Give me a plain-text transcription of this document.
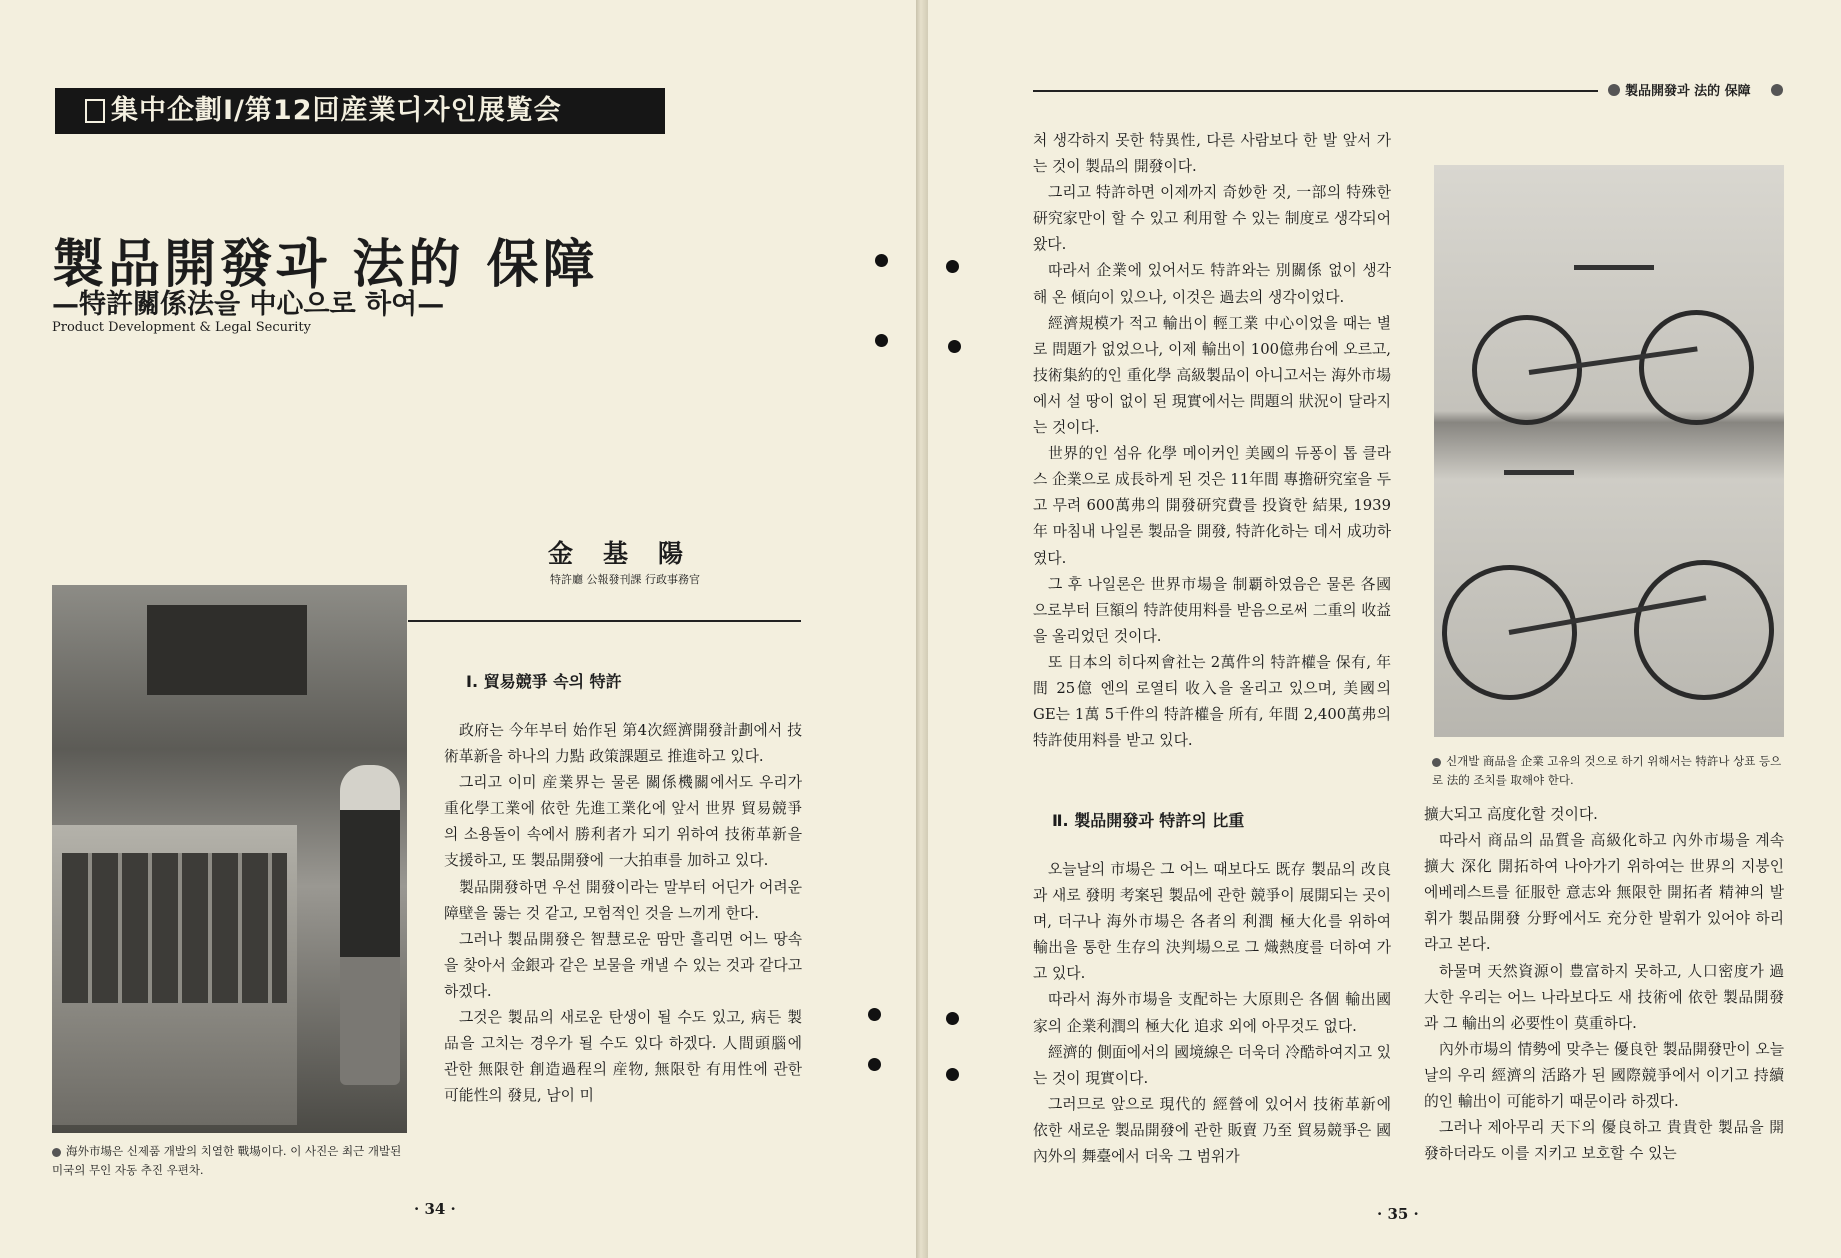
集中企劃Ⅰ/第12回産業디자인展覧会
製品開發과 法的 保障
—特許關係法을 中心으로 하여—
Product Development & Legal Security
金基陽
特許廳 公報發刊課 行政事務官
海外市場은 신제품 개발의 치열한 戰場이다. 이 사진은 최근 개발된 미국의 무인 자동 추진 우편차.
Ⅰ. 貿易競爭 속의 特許

政府는 今年부터 始作된 第4次經濟開發計劃에서 技術革新을 하나의 力點 政策課題로 推進하고 있다.

그리고 이미 産業界는 물론 關係機關에서도 우리가 重化學工業에 依한 先進工業化에 앞서 世界 貿易競爭의 소용돌이 속에서 勝利者가 되기 위하여 技術革新을 支援하고, 또 製品開發에 一大拍車를 加하고 있다.

製品開發하면 우선 開發이라는 말부터 어딘가 어려운 障壁을 뚫는 것 같고, 모험적인 것을 느끼게 한다.

그러나 製品開發은 智慧로운 땀만 흘리면 어느 땅속을 찾아서 金銀과 같은 보물을 캐낼 수 있는 것과 같다고 하겠다.

그것은 製品의 새로운 탄생이 될 수도 있고, 病든 製品을 고치는 경우가 될 수도 있다 하겠다. 人間頭腦에 관한 無限한 創造過程의 産物, 無限한 有用性에 관한 可能性의 發見, 남이 미

· 34 ·
製品開發과 法的 保障

처 생각하지 못한 特異性, 다른 사람보다 한 발 앞서 가는 것이 製品의 開發이다.

그리고 特許하면 이제까지 奇妙한 것, 一部의 特殊한 研究家만이 할 수 있고 利用할 수 있는 制度로 생각되어 왔다.

따라서 企業에 있어서도 特許와는 別關係 없이 생각해 온 傾向이 있으나, 이것은 過去의 생각이었다.

經濟規模가 적고 輸出이 輕工業 中心이었을 때는 별로 問題가 없었으나, 이제 輸出이 100億弗台에 오르고, 技術集約的인 重化學 高級製品이 아니고서는 海外市場에서 설 땅이 없이 된 現實에서는 問題의 狀況이 달라지는 것이다.

世界的인 섬유 化學 메이커인 美國의 듀퐁이 톱 클라스 企業으로 成長하게 된 것은 11年間 專擔研究室을 두고 무려 600萬弗의 開發研究費를 投資한 結果, 1939年 마침내 나일론 製品을 開發, 特許化하는 데서 成功하였다.

그 후 나일론은 世界市場을 制覇하였음은 물론 各國으로부터 巨額의 特許使用料를 받음으로써 二重의 收益을 올리었던 것이다.

또 日本의 히다찌會社는 2萬件의 特許權을 保有, 年間 25億 엔의 로열티 收入을 올리고 있으며, 美國의 GE는 1萬 5千件의 特許權을 所有, 年間 2,400萬弗의 特許使用料를 받고 있다.

Ⅱ. 製品開發과 特許의 比重

오늘날의 市場은 그 어느 때보다도 既存 製品의 改良과 새로 發明 考案된 製品에 관한 競爭이 展開되는 곳이며, 더구나 海外市場은 各者의 利潤 極大化를 위하여 輸出을 통한 生存의 決判場으로 그 熾熱度를 더하여 가고 있다.

따라서 海外市場을 支配하는 大原則은 各個 輸出國家의 企業利潤의 極大化 追求 외에 아무것도 없다.

經濟的 側面에서의 國境線은 더욱더 冷酷하여지고 있는 것이 現實이다.

그러므로 앞으로 現代的 經營에 있어서 技術革新에 依한 새로운 製品開發에 관한 販賣 乃至 貿易競爭은 國內外의 舞臺에서 더욱 그 범위가

신개발 商品을 企業 고유의 것으로 하기 위해서는 特許나 상표 등으로 法的 조치를 取해야 한다.

擴大되고 高度化할 것이다.

따라서 商品의 品質을 高級化하고 內外市場을 계속 擴大 深化 開拓하여 나아가기 위하여는 世界의 지붕인 에베레스트를 征服한 意志와 無限한 開拓者 精神의 발휘가 製品開發 分野에서도 充分한 발휘가 있어야 하리라고 본다.

하물며 天然資源이 豊富하지 못하고, 人口密度가 過大한 우리는 어느 나라보다도 새 技術에 依한 製品開發과 그 輸出의 必要性이 莫重하다.

內外市場의 情勢에 맞추는 優良한 製品開發만이 오늘날의 우리 經濟의 活路가 된 國際競爭에서 이기고 持續的인 輸出이 可能하기 때문이라 하겠다.

그러나 제아무리 天下의 優良하고 貴貴한 製品을 開發하더라도 이를 지키고 보호할 수 있는

· 35 ·
